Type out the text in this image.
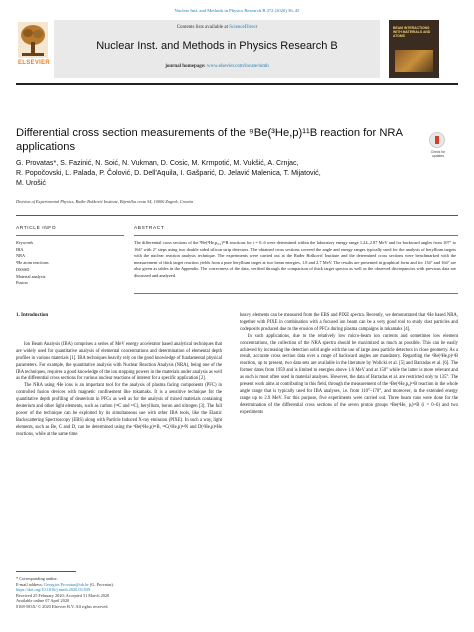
Nuclear Inst. and Methods in Physics Research B 472 (2020) 36–45
ELSEVIER
Contents lists available at ScienceDirect
Nuclear Inst. and Methods in Physics Research B
journal homepage: www.elsevier.com/locate/nimb
BEAM INTERACTIONS WITH MATERIALS AND ATOMS
Differential cross section measurements of the ⁹Be(³He,p)¹¹B reaction for NRA applications	Check for updates
G. Provatas*, S. Fazinić, N. Soić, N. Vukman, D. Cosic, M. Krmpotić, M. Vukšić, A. Crnjac,
R. Popočovski, L. Palada, P. Čolović, D. Dell'Aquila, I. Gašparić, D. Jelavić Malenica, T. Mijatović,
M. Urošić
Division of Experimental Physics, Ruđer Bošković Institute, Bijenička cesta 54, 10000 Zagreb, Croatia
ARTICLE INFO	ABSTRACT
Keywords
IBA
NRA
³He atom reactions
DSSSD
Material analysis
Fusion
The differential cross sections of the ⁹Be(³He,p₀,₁)¹¹B reactions for i = 0–6 were determined within the laboratory energy range 1.24–2.87 MeV and for backward angles from 107° to 164° with 2° steps using two double sided silicon strip detectors. The obtained cross sections covered the angle and energy ranges typically used for the analysis of beryllium targets with the nuclear reaction analysis technique. The experiments were carried out at the Ruđer Bošković Institute and the determined cross sections were benchmarked with the measurement of thick target reaction yields from a pure beryllium target at two beam energies, 1.8 and 2.7 MeV. The results are presented in graphical form and for 134° and 164° are also given as tables in the Appendix. The correctness of the data, verified through the comparison of thick target spectra as well as the observed discrepancies with previous data are discussed and analyzed.
1. Introduction

Ion Beam Analysis (IBA) comprises a series of MeV energy accelerator based analytical techniques that are widely used for quantitative analysis of elemental concentrations and determination of elemental depth profiles in various materials [1]. IBA techniques heavily rely on the good knowledge of fundamental physical parameters. For example, the quantitative analysis with Nuclear Reaction Analysis (NRA), being one of the IBA techniques, requires a good knowledge of the ion stopping powers in the materials under analysis as well as the differential cross sections for various nuclear reactions of interest for a specific application [2].

The NRA using ³He ions is an important tool for the analysis of plasma facing components (PFC) in controlled fusion devices with magnetic confinement like tokamaks. It is a sensitive technique for the quantitative depth profiling of deuterium in PFCs as well as for the analysis of mixed materials containing deuterium and other light elements, such as carbon (¹²C and ¹³C), beryllium, boron and nitrogen [3]. The full power of the technique can be exploited by its simultaneous use with other IBA tools, like the Elastic Backscattering Spectroscopy (EBS) along with Particle Induced X-ray emission (PIXE). In such a way, light elements, such as Be, C and D, can be determined using the ⁹Be(³He,p)¹¹B, ¹²C(³He,p)¹⁴N and D(³He,p)⁴He reactions, while at the same time

heavy elements can be measured from the EBS and PIXE spectra. Recently, we demonstrated that ³He based NRA, together with PIXE in combination with a focused ion beam can be a very good tool to study dust particles and codeposits produced due to the erosion of PFCs during plasma campaigns in tokamaks [4].

In such applications, due to the relatively low micro-beam ion currents and sometimes low element concentrations, the collection of the NRA spectra should be maximized as much as possible. This can be easily achieved by increasing the detection solid angle with the use of large area particle detectors in close geometry. As a result, accurate cross section data over a range of backward angles are mandatory. Regarding the ⁹Be(³He,p)¹¹B reaction, up to present, two data sets are available in the literature by Wolicki et al. [5] and Barradas et al. [6]. The former dates from 1959 and is limited to energies above 1.6 MeV and at 150° while the latter is more relevant and as such is most often used in material analyses. However, the data of Barradas et al. are restricted only to 135°. The present work aims at contributing in this field, through the measurement of the ⁹Be(³He,p₀)¹¹B reaction in the whole angle range that is typically used for IBA analyses, i.e. from 110°–170°, and moreover, in the extended energy range up to 2.9 MeV. For this purpose, five experiments were carried out. Three beam runs were done for the determination of the differential cross sections of the seven proton groups ⁹Be(³He, pᵢ)¹¹B (i = 0–6) and two experiments

* Corresponding author.
E-mail address: Georgios.Provatas@irb.hr (G. Provatas).
https://doi.org/10.1016/j.nimb.2020.03.039
Received 25 February 2020; Accepted 31 March 2020
Available online 07 April 2020
0168-583X/ © 2020 Elsevier B.V. All rights reserved.
